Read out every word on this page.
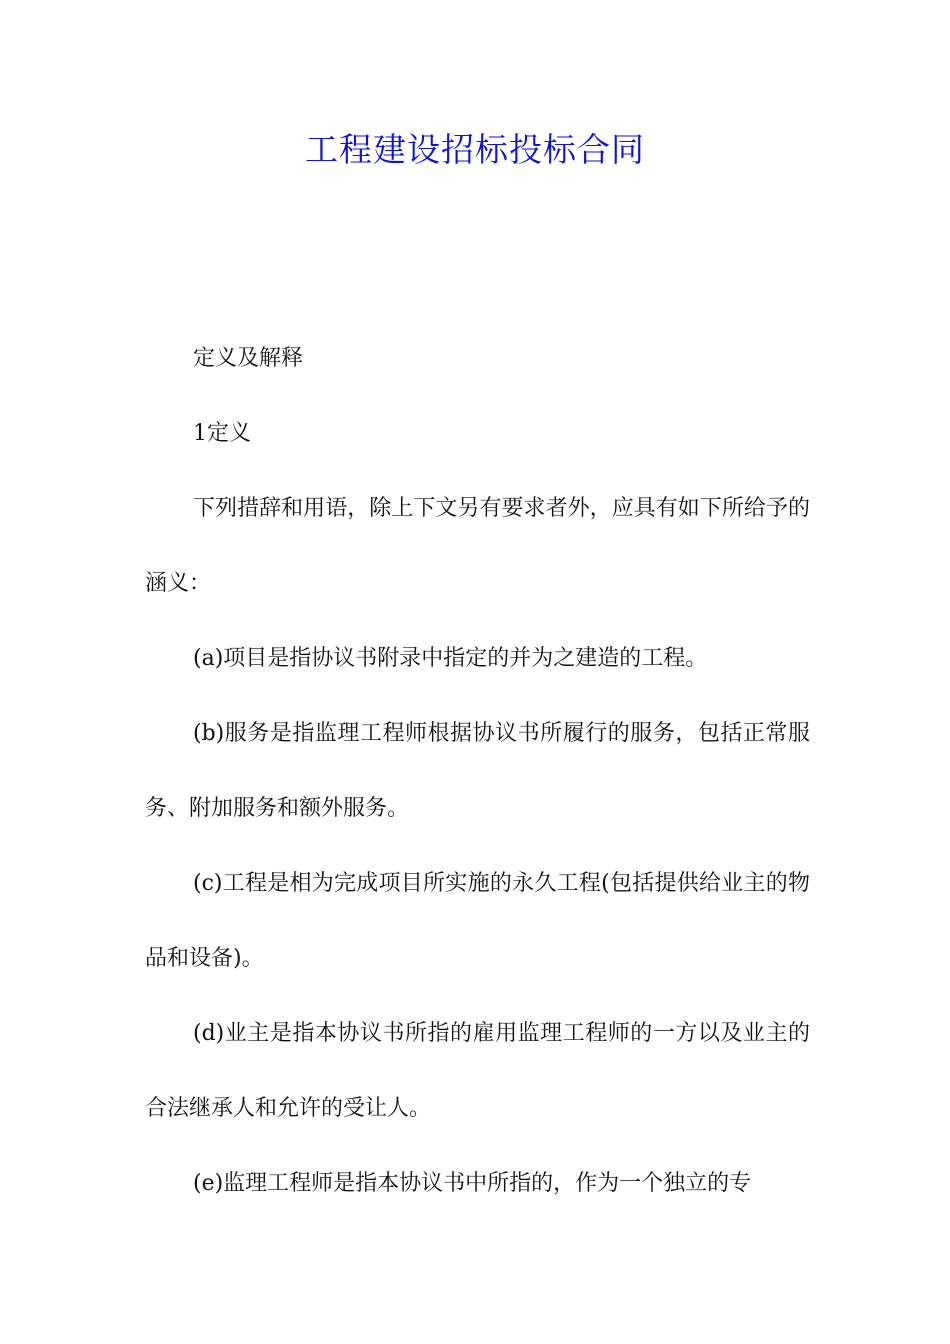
工程建设招标投标合同

定义及解释

1定义

下列措辞和用语，除上下文另有要求者外，应具有如下所给予的涵义：

(a)项目是指协议书附录中指定的并为之建造的工程。

(b)服务是指监理工程师根据协议书所履行的服务，包括正常服务、附加服务和额外服务。

(c)工程是相为完成项目所实施的永久工程(包括提供给业主的物品和设备)。

(d)业主是指本协议书所指的雇用监理工程师的一方以及业主的合法继承人和允许的受让人。

(e)监理工程师是指本协议书中所指的，作为一个独立的专
